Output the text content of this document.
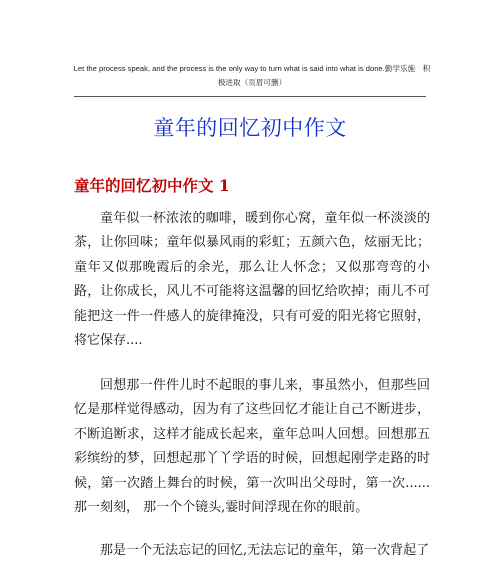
Let the process speak, and the process is the only way to turn what is said into what is done.勤学乐施　积极进取（页眉可删）
童年的回忆初中作文
童年的回忆初中作文 1
童年似一杯浓浓的咖啡，暖到你心窝，童年似一杯淡淡的茶，让你回味；童年似暴风雨的彩虹；五颜六色，炫丽无比；童年又似那晚霞后的余光，那么让人怀念；又似那弯弯的小路，让你成长，风儿不可能将这温馨的回忆给吹掉；雨儿不可能把这一件一件感人的旋律掩没，只有可爱的阳光将它照射，将它保存....
回想那一件件儿时不起眼的事儿来，事虽然小，但那些回忆是那样觉得感动，因为有了这些回忆才能让自己不断进步，不断追断求，这样才能成长起来，童年总叫人回想。回想那五彩缤纷的梦，回想起那丫丫学语的时候，回想起刚学走路的时候，第一次踏上舞台的时候，第一次叫出父母时，第一次......那一刻刻， 那一个个镜头,霎时间浮现在你的眼前。
那是一个无法忘记的回忆,无法忘记的童年，第一次背起了
